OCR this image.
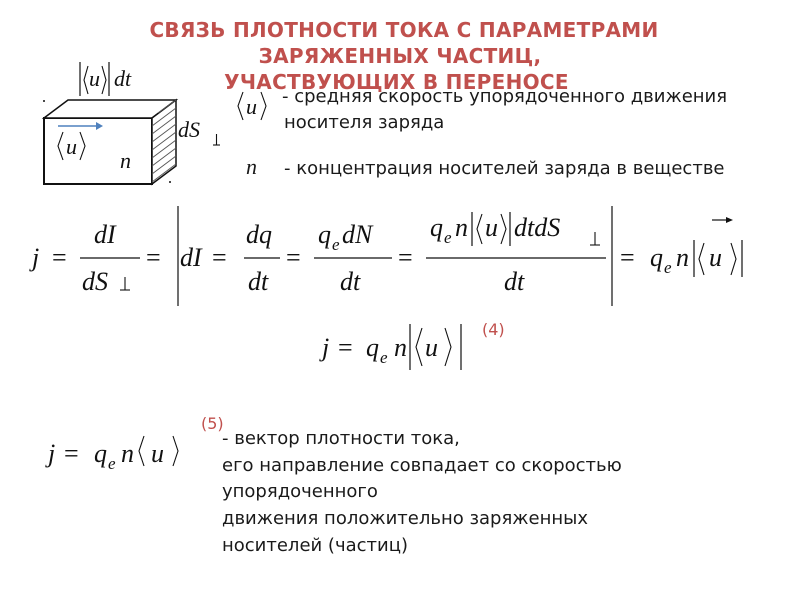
СВЯЗЬ ПЛОТНОСТИ ТОКА С ПАРАМЕТРАМИ
ЗАРЯЖЕННЫХ ЧАСТИЦ,
УЧАСТВУЮЩИХ В ПЕРЕНОСЕ
- средняя скорость упорядоченного движения
носителя заряда
n - концентрация носителей заряда в веществе
(4)
(5)
- вектор плотности тока,
его направление совпадает со скоростью
упорядоченного
движения положительно заряженных
носителей (частиц)
u dt
u
n
dS
u
j =
dI
dS
= dI =
dq
dt
=
q e dN
dt
=
q e n u dtdS
dt
= q e n u
j = q e n u
j = q e n u
